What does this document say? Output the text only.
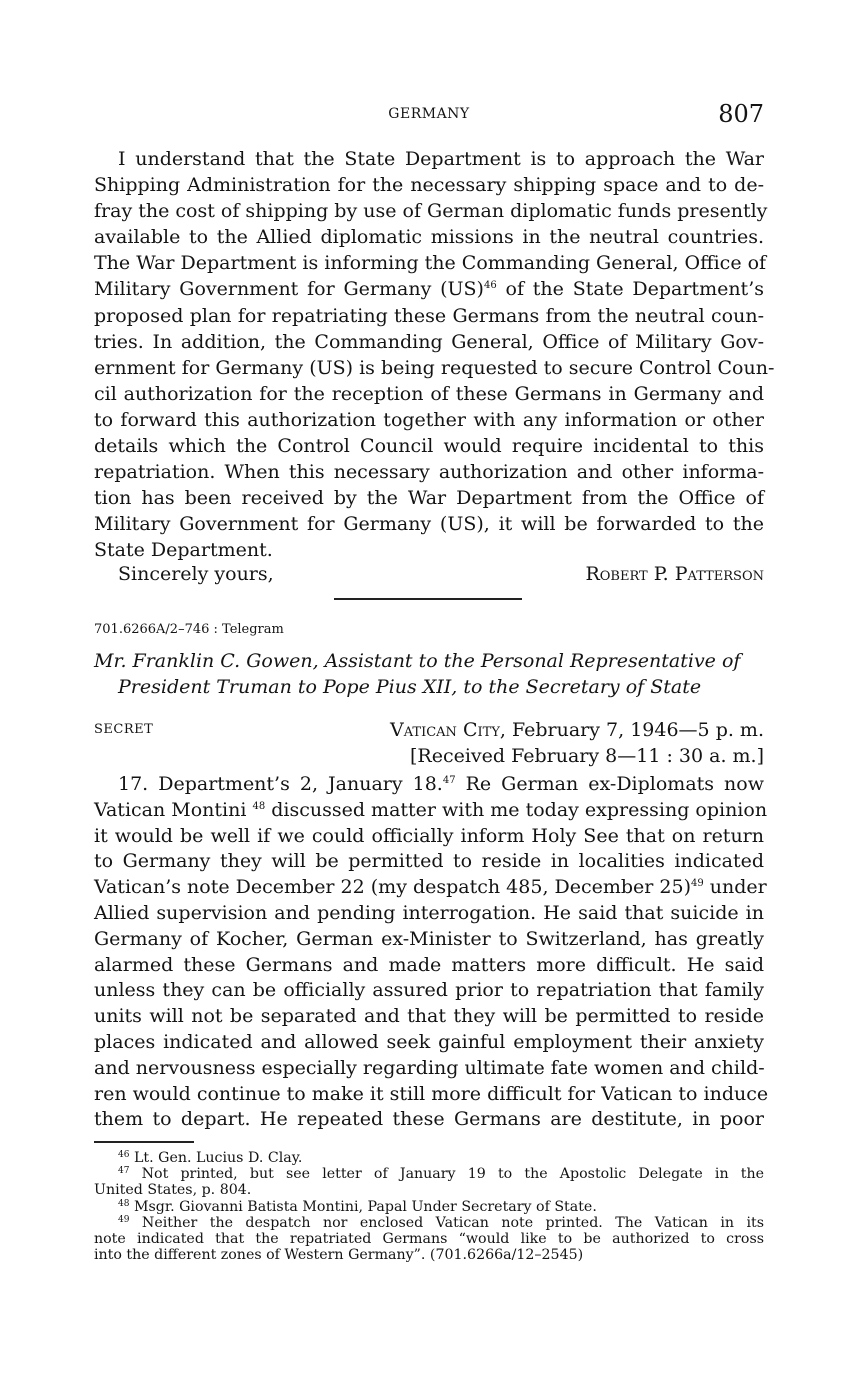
GERMANY	807
I understand that the State Department is to approach the War
Shipping Administration for the necessary shipping space and to de-
fray the cost of shipping by use of German diplomatic funds presently
available to the Allied diplomatic missions in the neutral countries.
The War Department is informing the Commanding General, Office of
Military Government for Germany (US)$^{46}$ of the State Department’s
proposed plan for repatriating these Germans from the neutral coun-
tries. In addition, the Commanding General, Office of Military Gov-
ernment for Germany (US) is being requested to secure Control Coun-
cil authorization for the reception of these Germans in Germany and
to forward this authorization together with any information or other
details which the Control Council would require incidental to this
repatriation. When this necessary authorization and other informa-
tion has been received by the War Department from the Office of
Military Government for Germany (US), it will be forwarded to the
State Department.
Sincerely yours,	Robert P. Patterson
701.6266A/2–746 : Telegram
Mr. Franklin C. Gowen, Assistant to the Personal Representative of
President Truman to Pope Pius XII, to the Secretary of State
SECRET	Vatican City, February 7, 1946—5 p. m.
[Received February 8—11 : 30 a. m.]
17. Department’s 2, January 18.47 Re German ex-Diplomats now
Vatican Montini $^{48}$ discussed matter with me today expressing opinion
it would be well if we could officially inform Holy See that on return
to Germany they will be permitted to reside in localities indicated
Vatican’s note December 22 (my despatch 485, December 25)$^{49}$ under
Allied supervision and pending interrogation. He said that suicide in
Germany of Kocher, German ex-Minister to Switzerland, has greatly
alarmed these Germans and made matters more difficult. He said
unless they can be officially assured prior to repatriation that family
units will not be separated and that they will be permitted to reside
places indicated and allowed seek gainful employment their anxiety
and nervousness especially regarding ultimate fate women and child-
ren would continue to make it still more difficult for Vatican to induce
them to depart. He repeated these Germans are destitute, in poor
$^{46}$ Lt. Gen. Lucius D. Clay.
$^{47}$ Not printed, but see letter of January 19 to the Apostolic Delegate in the
United States, p. 804.
$^{48}$ Msgr. Giovanni Batista Montini, Papal Under Secretary of State.
$^{49}$ Neither the despatch nor enclosed Vatican note printed. The Vatican in its
note indicated that the repatriated Germans “would like to be authorized to cross
into the different zones of Western Germany”. (701.6266a/12–2545)
